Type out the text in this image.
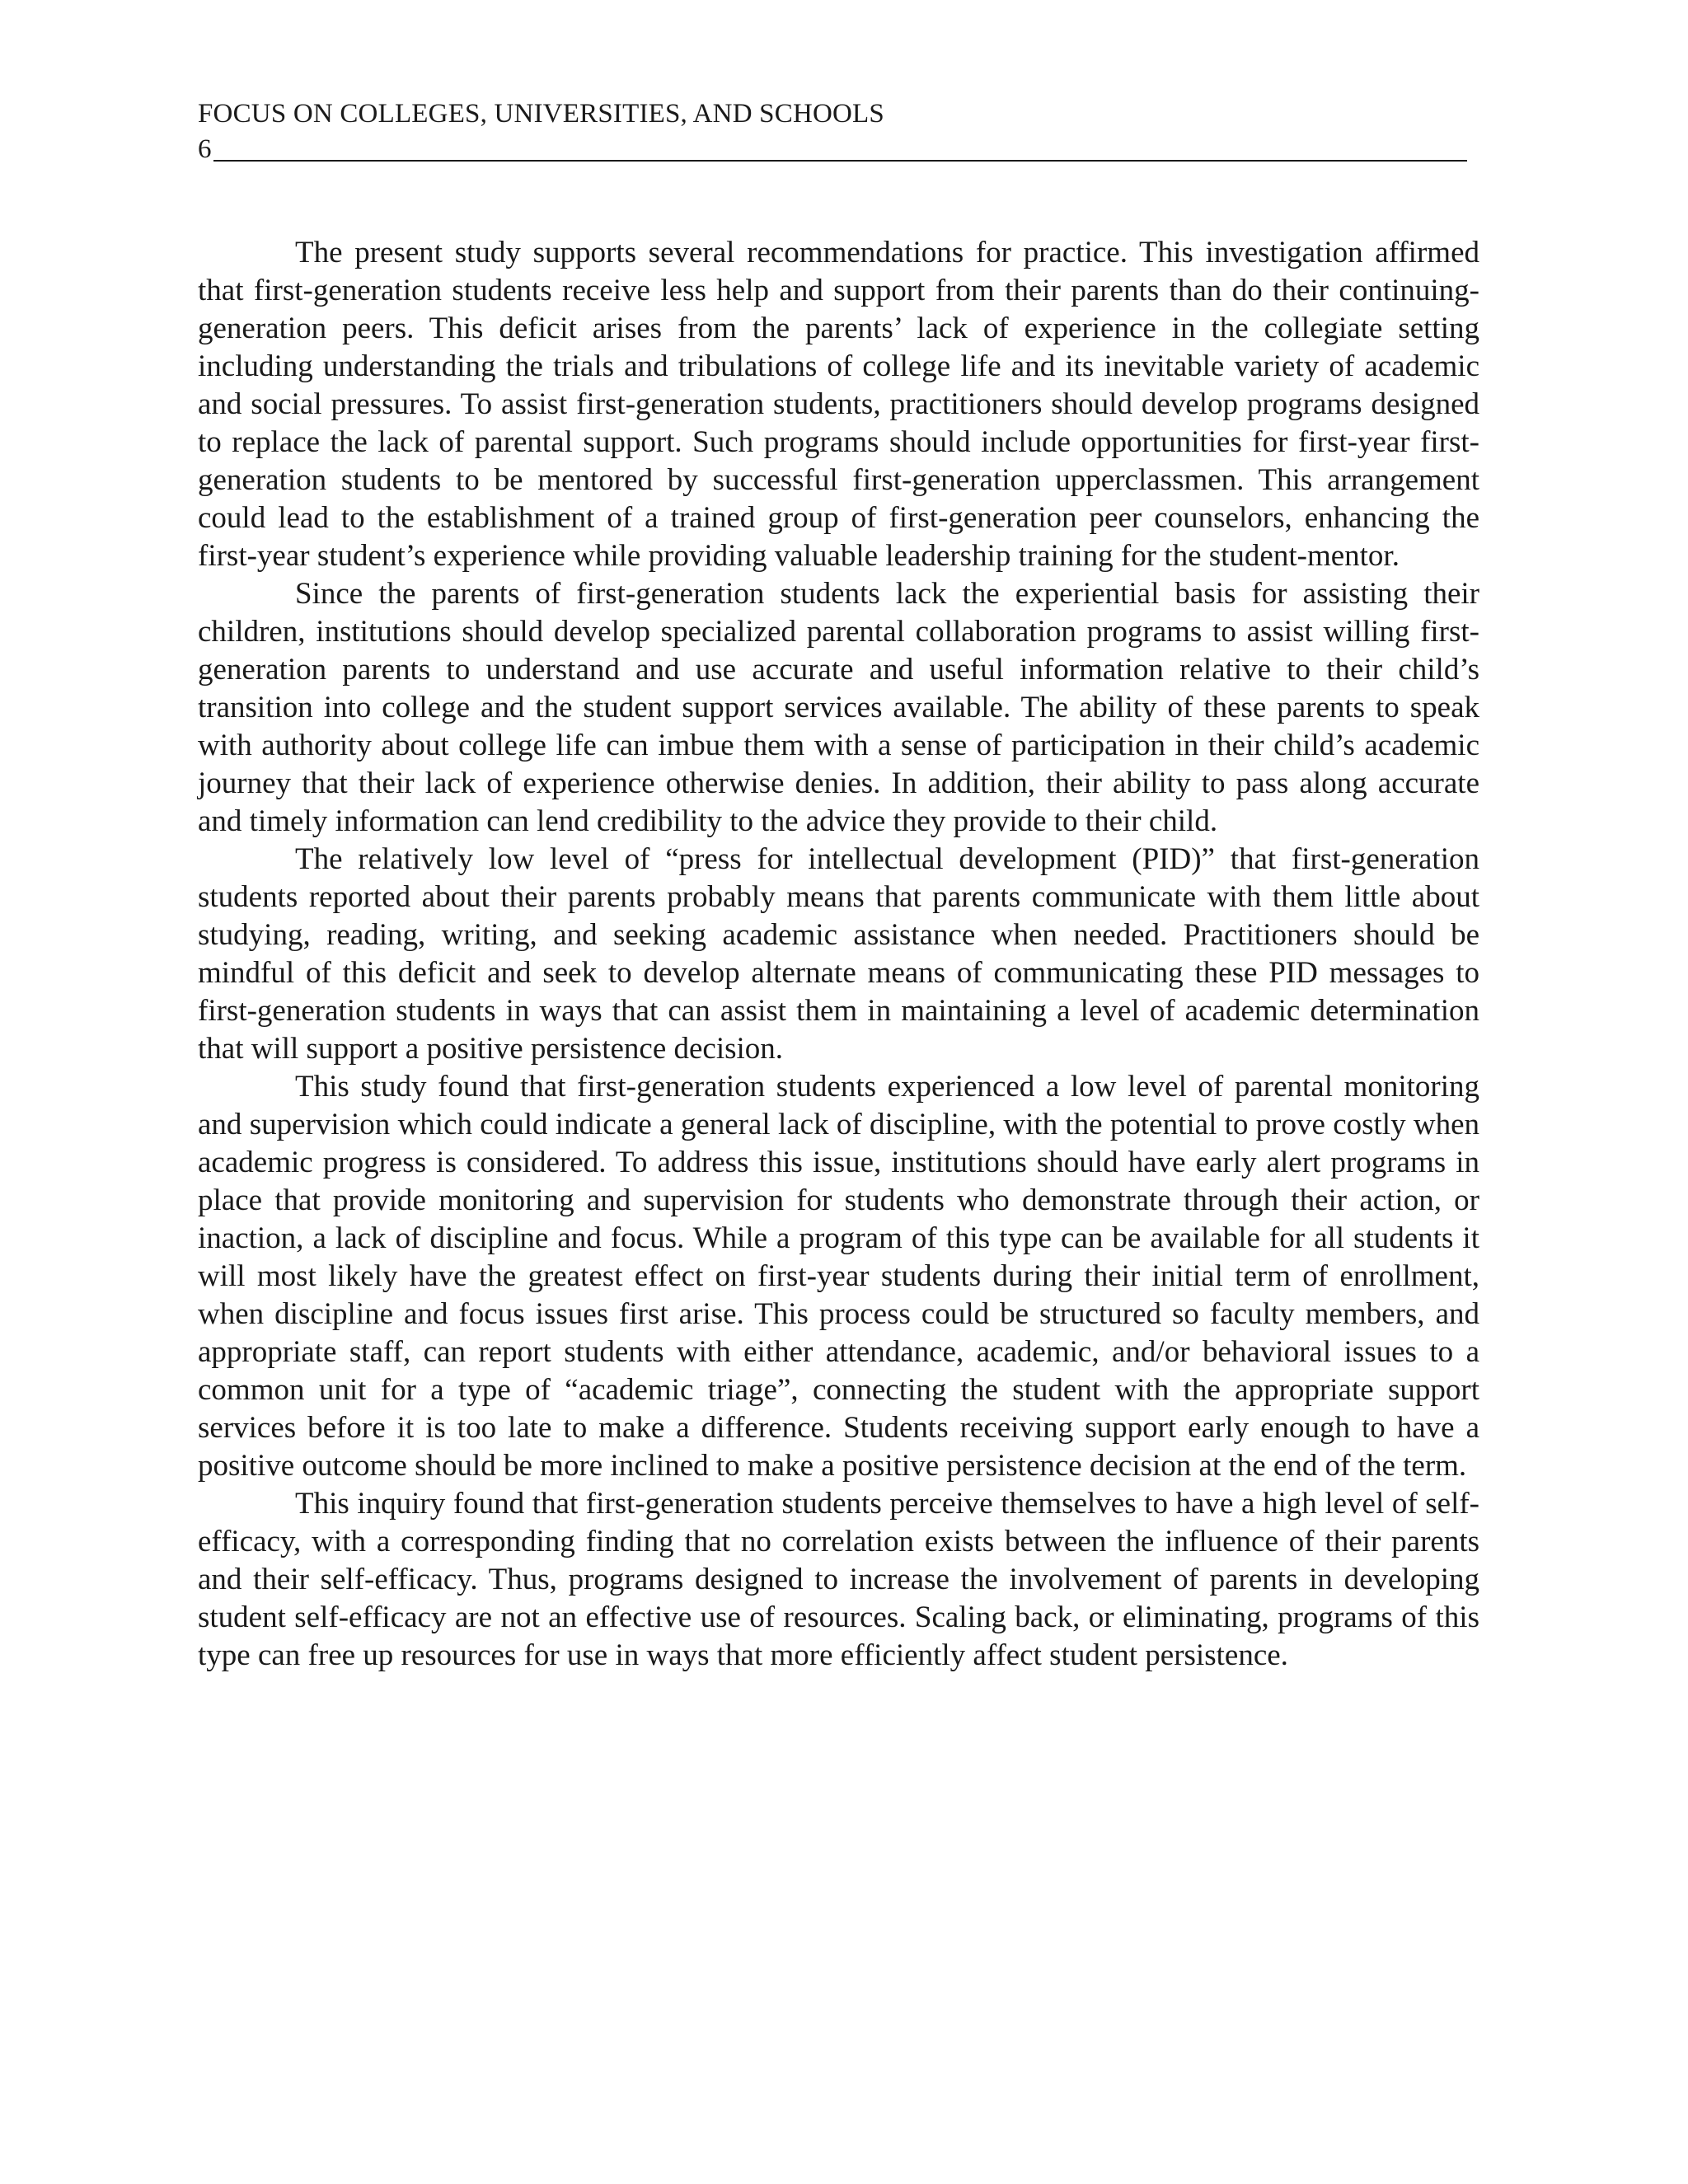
FOCUS ON COLLEGES, UNIVERSITIES, AND SCHOOLS
6

The present study supports several recommendations for practice. This investigation affirmed that first-generation students receive less help and support from their parents than do their continuing-generation peers. This deficit arises from the parents’ lack of experience in the collegiate setting including understanding the trials and tribulations of college life and its inevitable variety of academic and social pressures. To assist first-generation students, practitioners should develop programs designed to replace the lack of parental support. Such programs should include opportunities for first-year first-generation students to be mentored by successful first-generation upperclassmen. This arrangement could lead to the establishment of a trained group of first-generation peer counselors, enhancing the first-year student’s experience while providing valuable leadership training for the student-mentor.

Since the parents of first-generation students lack the experiential basis for assisting their children, institutions should develop specialized parental collaboration programs to assist willing first-generation parents to understand and use accurate and useful information relative to their child’s transition into college and the student support services available. The ability of these parents to speak with authority about college life can imbue them with a sense of participation in their child’s academic journey that their lack of experience otherwise denies. In addition, their ability to pass along accurate and timely information can lend credibility to the advice they provide to their child.

The relatively low level of “press for intellectual development (PID)” that first-generation students reported about their parents probably means that parents communicate with them little about studying, reading, writing, and seeking academic assistance when needed. Practitioners should be mindful of this deficit and seek to develop alternate means of communicating these PID messages to first-generation students in ways that can assist them in maintaining a level of academic determination that will support a positive persistence decision.

This study found that first-generation students experienced a low level of parental monitoring and supervision which could indicate a general lack of discipline, with the potential to prove costly when academic progress is considered. To address this issue, institutions should have early alert programs in place that provide monitoring and supervision for students who demonstrate through their action, or inaction, a lack of discipline and focus. While a program of this type can be available for all students it will most likely have the greatest effect on first-year students during their initial term of enrollment, when discipline and focus issues first arise. This process could be structured so faculty members, and appropriate staff, can report students with either attendance, academic, and/or behavioral issues to a common unit for a type of “academic triage”, connecting the student with the appropriate support services before it is too late to make a difference. Students receiving support early enough to have a positive outcome should be more inclined to make a positive persistence decision at the end of the term.

This inquiry found that first-generation students perceive themselves to have a high level of self-efficacy, with a corresponding finding that no correlation exists between the influence of their parents and their self-efficacy. Thus, programs designed to increase the involvement of parents in developing student self-efficacy are not an effective use of resources. Scaling back, or eliminating, programs of this type can free up resources for use in ways that more efficiently affect student persistence.
